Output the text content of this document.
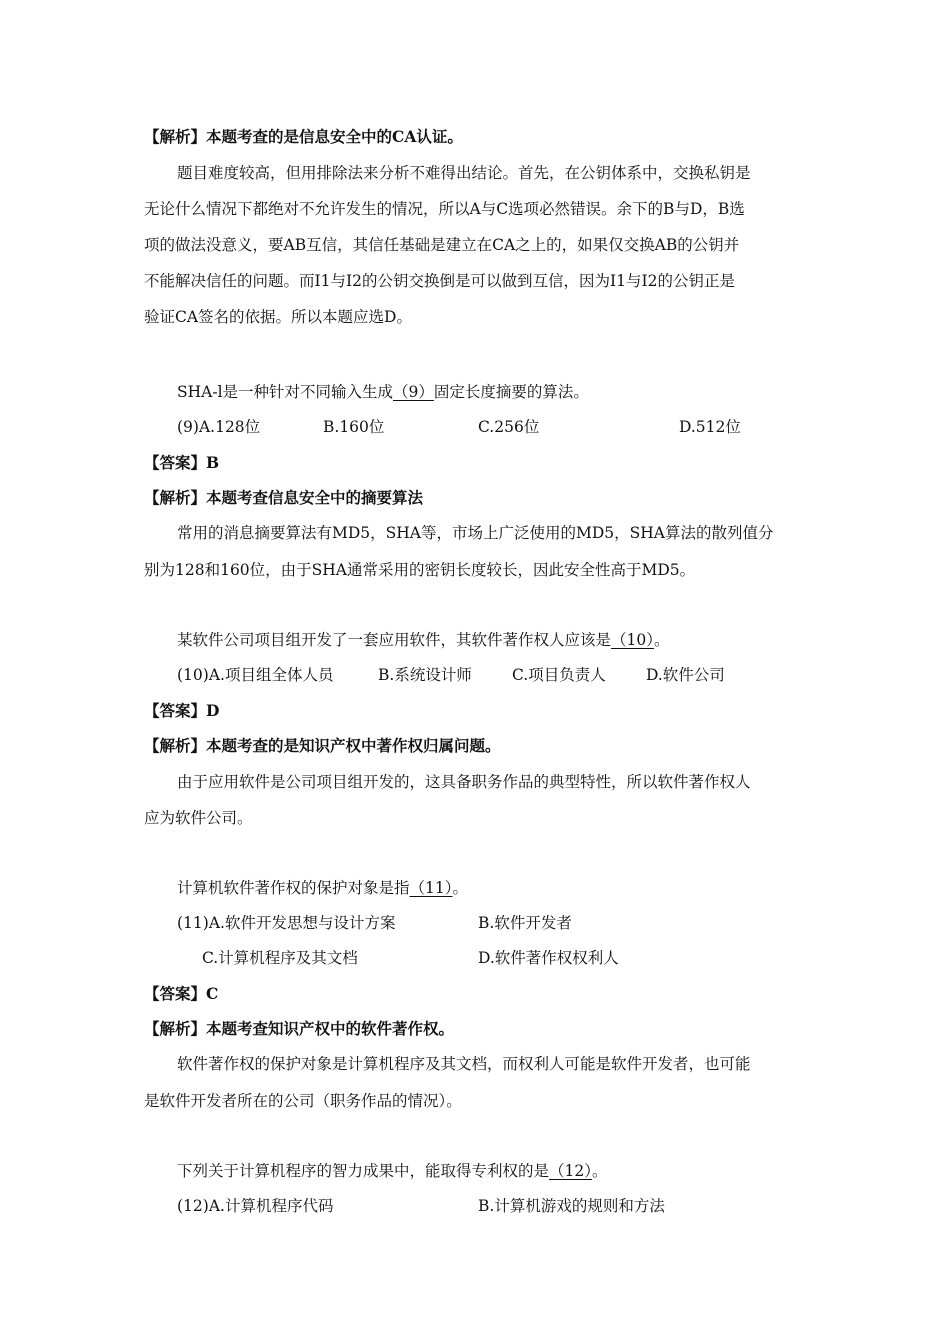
【解析】本题考查的是信息安全中的CA认证。
题目难度较高，但用排除法来分析不难得出结论。首先，在公钥体系中，交换私钥是
无论什么情况下都绝对不允许发生的情况，所以A与C选项必然错误。余下的B与D，B选
项的做法没意义，要AB互信，其信任基础是建立在CA之上的，如果仅交换AB的公钥并
不能解决信任的问题。而I1与I2的公钥交换倒是可以做到互信，因为I1与I2的公钥正是
验证CA签名的依据。所以本题应选D。
SHA-l是一种针对不同输入生成（9）固定长度摘要的算法。
(9)A.128位	B.160位	C.256位	D.512位
【答案】B
【解析】本题考查信息安全中的摘要算法
常用的消息摘要算法有MD5，SHA等，市场上广泛使用的MD5，SHA算法的散列值分
别为128和160位，由于SHA通常采用的密钥长度较长，因此安全性高于MD5。
某软件公司项目组开发了一套应用软件，其软件著作权人应该是（10）。
(10)A.项目组全体人员	B.系统设计师	C.项目负责人	D.软件公司
【答案】D
【解析】本题考查的是知识产权中著作权归属问题。
由于应用软件是公司项目组开发的，这具备职务作品的典型特性，所以软件著作权人
应为软件公司。
计算机软件著作权的保护对象是指（11）。
(11)A.软件开发思想与设计方案	B.软件开发者
C.计算机程序及其文档	D.软件著作权权利人
【答案】C
【解析】本题考查知识产权中的软件著作权。
软件著作权的保护对象是计算机程序及其文档，而权利人可能是软件开发者，也可能
是软件开发者所在的公司（职务作品的情况）。
下列关于计算机程序的智力成果中，能取得专利权的是（12）。
(12)A.计算机程序代码	B.计算机游戏的规则和方法
